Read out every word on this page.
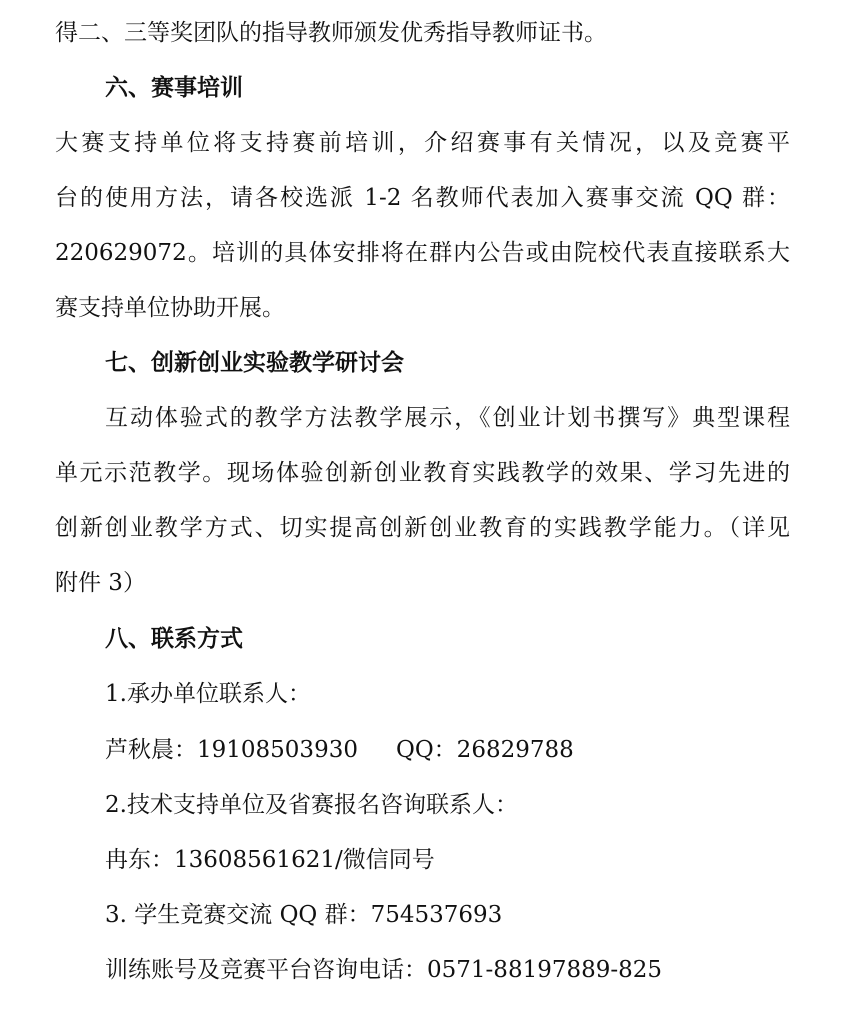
得二、三等奖团队的指导教师颁发优秀指导教师证书。
六、赛事培训
大赛支持单位将支持赛前培训，介绍赛事有关情况，以及竞赛平
台的使用方法，请各校选派 1-2 名教师代表加入赛事交流 QQ 群：
220629072。培训的具体安排将在群内公告或由院校代表直接联系大
赛支持单位协助开展。
七、创新创业实验教学研讨会
互动体验式的教学方法教学展示，《创业计划书撰写》典型课程
单元示范教学。现场体验创新创业教育实践教学的效果、学习先进的
创新创业教学方式、切实提高创新创业教育的实践教学能力。（详见
附件 3）
八、联系方式
1.承办单位联系人：
芦秋晨：19108503930 QQ：26829788
2.技术支持单位及省赛报名咨询联系人：
冉东：13608561621/微信同号
3. 学生竞赛交流 QQ 群：754537693
训练账号及竞赛平台咨询电话：0571-88197889-825
